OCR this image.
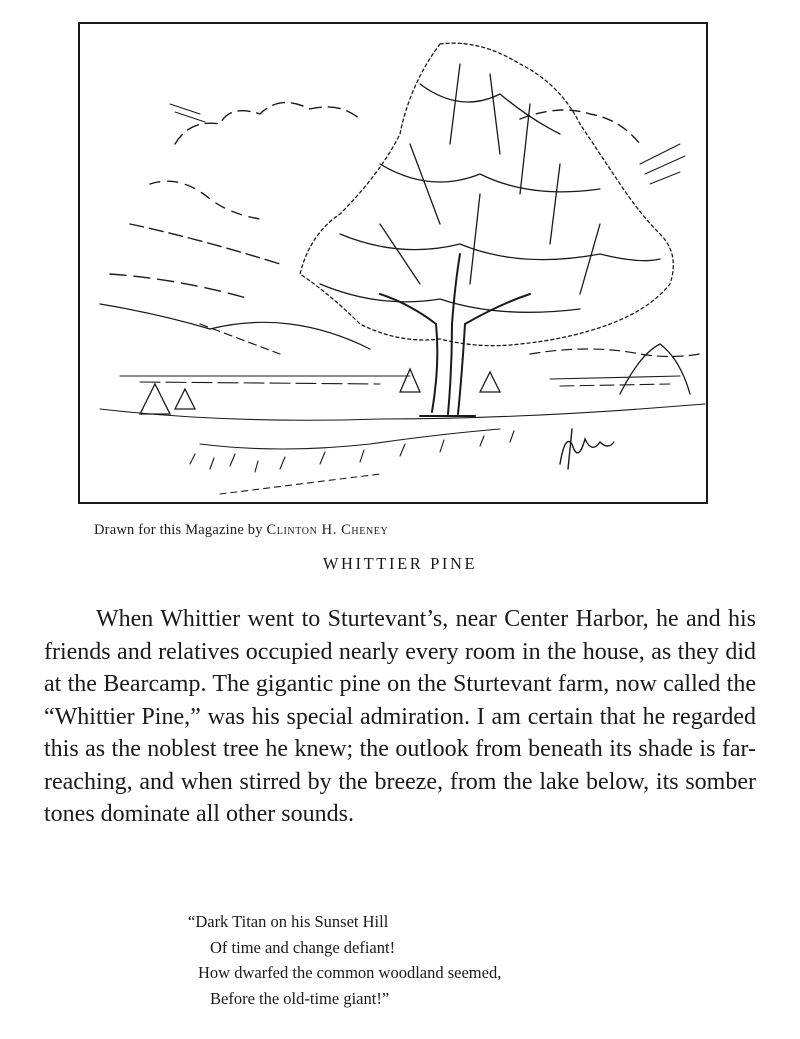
Drawn for this Magazine by Clinton H. Cheney
WHITTIER PINE

When Whittier went to Sturtevant’s, near Center Harbor, he and his friends and relatives occupied nearly every room in the house, as they did at the Bearcamp. The gigantic pine on the Sturtevant farm, now called the “Whittier Pine,” was his special admiration. I am certain that he regarded this as the noblest tree he knew; the outlook from beneath its shade is far-reaching, and when stirred by the breeze, from the lake below, its somber tones dominate all other sounds.

“Dark Titan on his Sunset Hill
Of time and change defiant!
How dwarfed the common woodland seemed,
Before the old-time giant!”
